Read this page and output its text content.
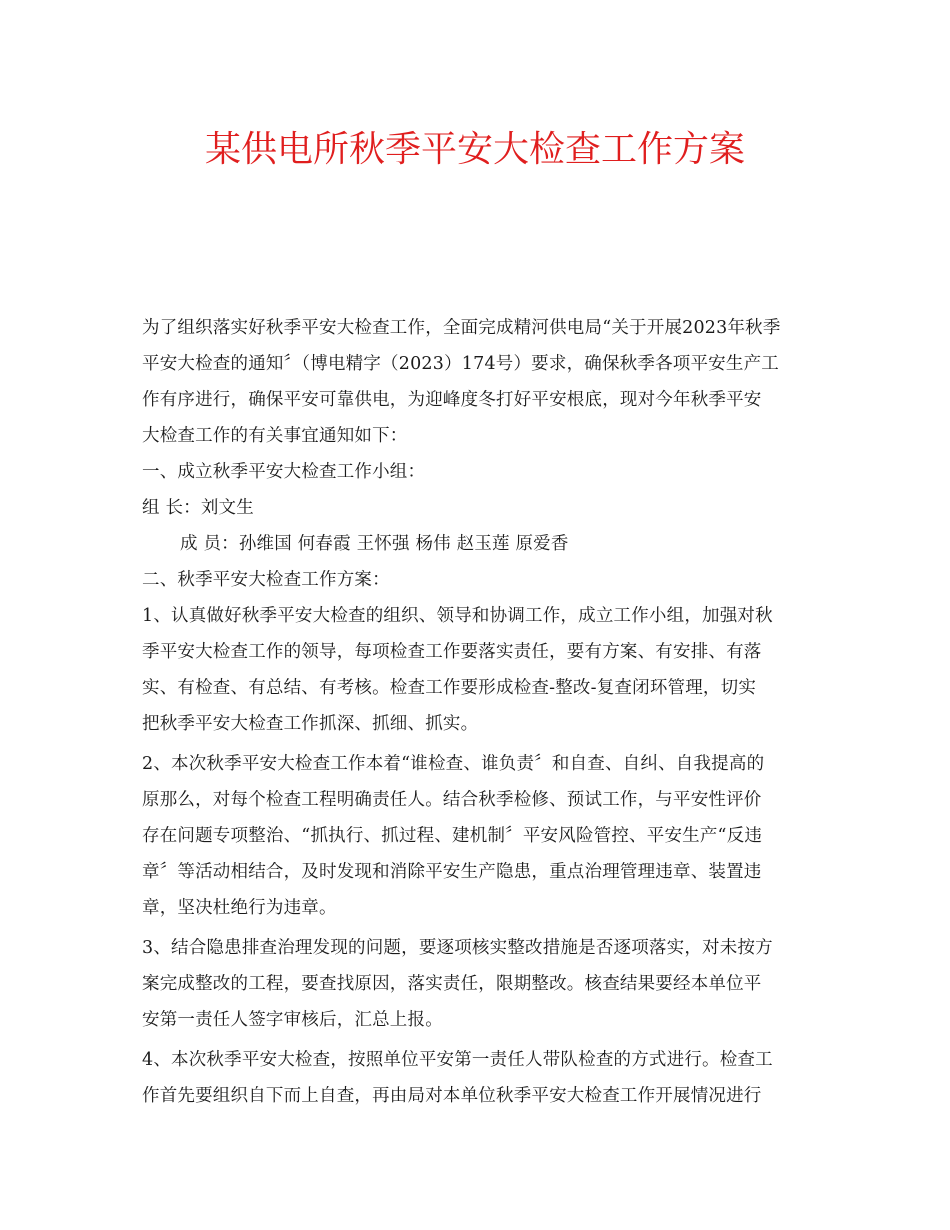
某供电所秋季平安大检查工作方案
为了组织落实好秋季平安大检查工作，全面完成精河供电局“关于开展2023年秋季
平安大检查的通知〞（博电精字（2023）174号）要求，确保秋季各项平安生产工
作有序进行，确保平安可靠供电，为迎峰度冬打好平安根底，现对今年秋季平安
大检查工作的有关事宜通知如下：
一、成立秋季平安大检查工作小组：
组 长：刘文生
成 员：孙维国 何春霞 王怀强 杨伟 赵玉莲 原爱香
二、秋季平安大检查工作方案：
1、认真做好秋季平安大检查的组织、领导和协调工作，成立工作小组，加强对秋
季平安大检查工作的领导，每项检查工作要落实责任，要有方案、有安排、有落
实、有检查、有总结、有考核。检查工作要形成检查-整改-复查闭环管理，切实
把秋季平安大检查工作抓深、抓细、抓实。
2、本次秋季平安大检查工作本着“谁检查、谁负责〞和自查、自纠、自我提高的
原那么，对每个检查工程明确责任人。结合秋季检修、预试工作，与平安性评价
存在问题专项整治、“抓执行、抓过程、建机制〞平安风险管控、平安生产“反违
章〞等活动相结合，及时发现和消除平安生产隐患，重点治理管理违章、装置违
章，坚决杜绝行为违章。
3、结合隐患排查治理发现的问题，要逐项核实整改措施是否逐项落实，对未按方
案完成整改的工程，要查找原因，落实责任，限期整改。核查结果要经本单位平
安第一责任人签字审核后，汇总上报。
4、本次秋季平安大检查，按照单位平安第一责任人带队检查的方式进行。检查工
作首先要组织自下而上自查，再由局对本单位秋季平安大检查工作开展情况进行
